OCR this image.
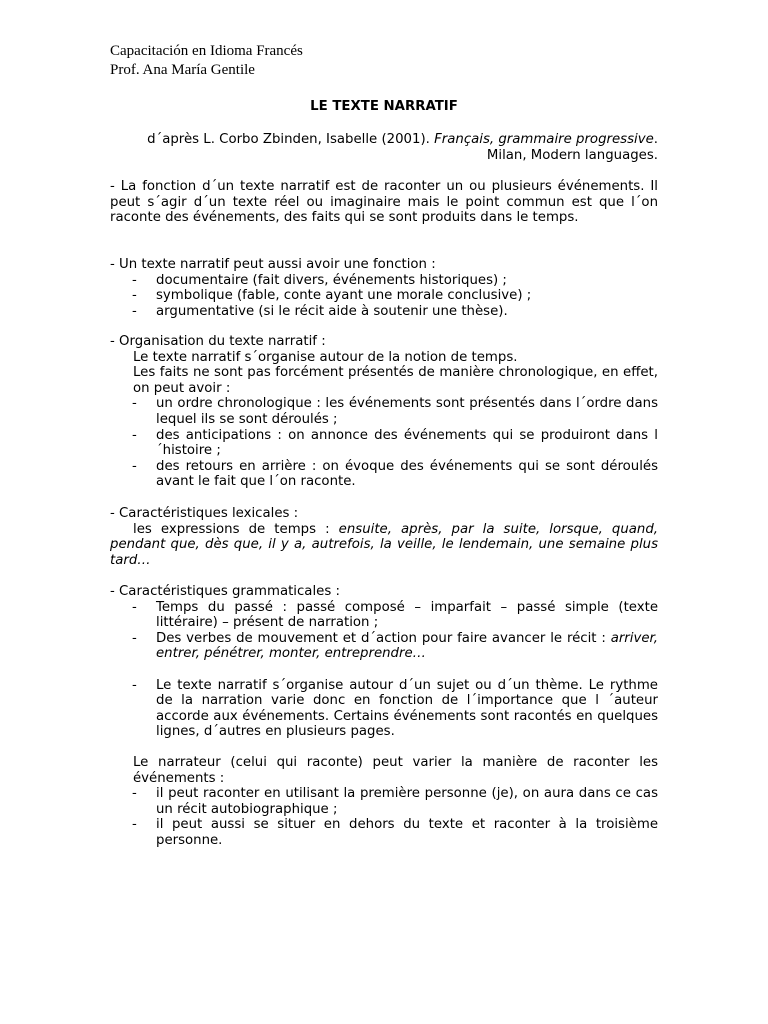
Capacitación en Idioma Francés
Prof. Ana María Gentile
LE TEXTE NARRATIF
d´après L. Corbo Zbinden, Isabelle (2001). Français, grammaire progressive.
Milan, Modern languages.
- La fonction d´un texte narratif est de raconter un ou plusieurs événements. Il peut s´agir d´un texte réel ou imaginaire mais le point commun est que l´on raconte des événements, des faits qui se sont produits dans le temps.

- Un texte narratif peut aussi avoir une fonction :

- documentaire (fait divers, événements historiques) ;
- symbolique (fable, conte ayant une morale conclusive) ;
- argumentative (si le récit aide à soutenir une thèse).

- Organisation du texte narratif :

Le texte narratif s´organise autour de la notion de temps.

Les faits ne sont pas forcément présentés de manière chronologique, en effet, on peut avoir :

- un ordre chronologique : les événements sont présentés dans l´ordre dans lequel ils se sont déroulés ;
- des anticipations : on annonce des événements qui se produiront dans l´histoire ;
- des retours en arrière : on évoque des événements qui se sont déroulés avant le fait que l´on raconte.

- Caractéristiques lexicales :

les expressions de temps : ensuite, après, par la suite, lorsque, quand, pendant que, dès que, il y a, autrefois, la veille, le lendemain, une semaine plus tard…

- Caractéristiques grammaticales :

- Temps du passé : passé composé – imparfait – passé simple (texte littéraire) – présent de narration ;
- Des verbes de mouvement et d´action pour faire avancer le récit : arriver, entrer, pénétrer, monter, entreprendre…
- Le texte narratif s´organise autour d´un sujet ou d´un thème. Le rythme de la narration varie donc en fonction de l´importance que l ´auteur accorde aux événements. Certains événements sont racontés en quelques lignes, d´autres en plusieurs pages.

Le narrateur (celui qui raconte) peut varier la manière de raconter les événements :

- il peut raconter en utilisant la première personne (je), on aura dans ce cas un récit autobiographique ;
- il peut aussi se situer en dehors du texte et raconter à la troisième personne.
